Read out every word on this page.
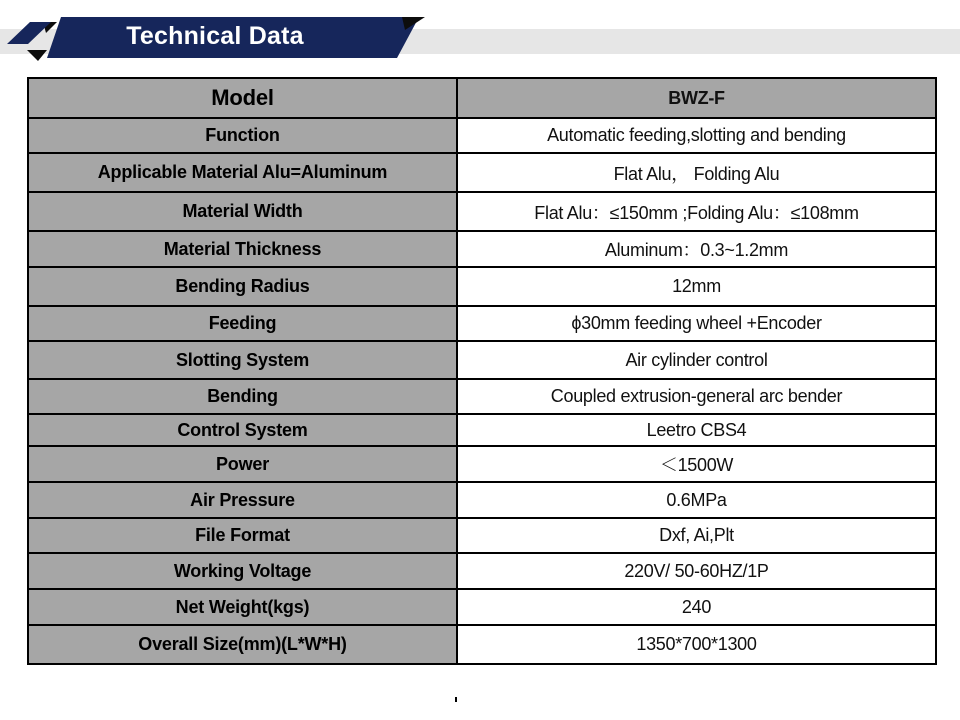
Technical Data
Model	BWZ-F
Function	Automatic feeding,slotting and bending
Applicable Material Alu=Aluminum	Flat Alu， Folding Alu
Material Width	Flat Alu：≤150mm ;Folding Alu：≤108mm
Material Thickness	Aluminum：0.3~1.2mm
Bending Radius	12mm
Feeding	ϕ30mm feeding wheel +Encoder
Slotting System	Air cylinder control
Bending	Coupled extrusion-general arc bender
Control System	Leetro CBS4
Power	＜1500W
Air Pressure	0.6MPa
File Format	Dxf, Ai,Plt
Working Voltage	220V/ 50-60HZ/1P
Net Weight(kgs)	240
Overall Size(mm)(L*W*H)	1350*700*1300
